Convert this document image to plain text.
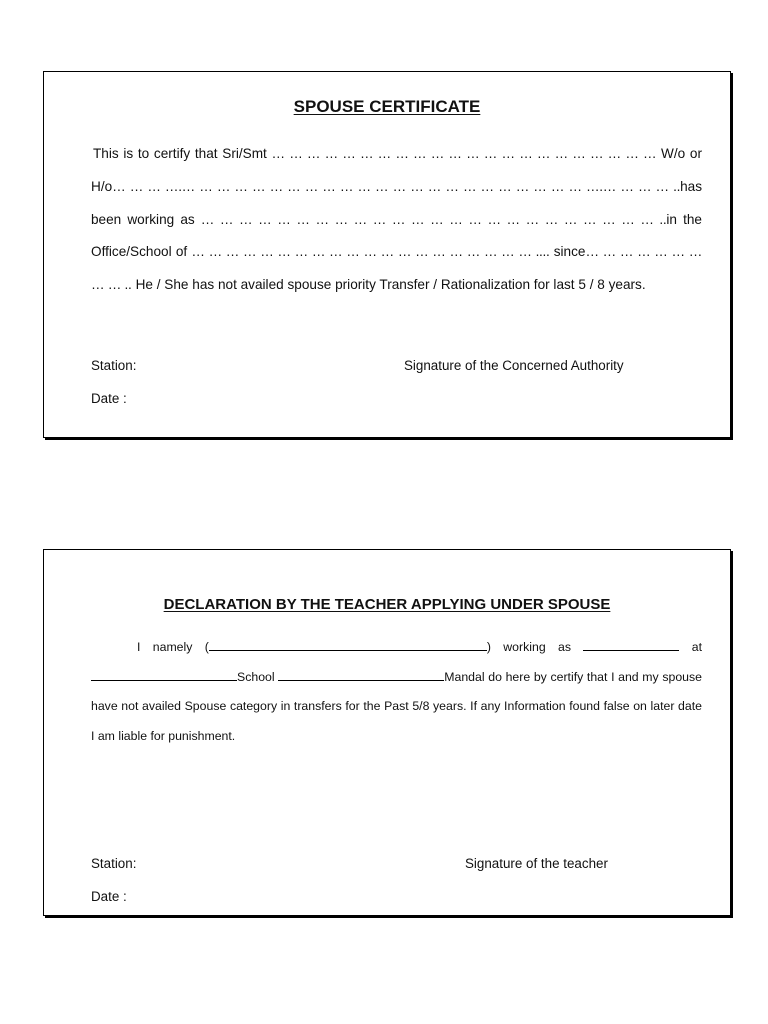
SPOUSE CERTIFICATE

This is to certify that Sri/Smt … … … … … … … … … … … … … … … … … … … … … … W/o or H/o… … … ….… … … … … … … … … … … … … … … … … … … … … … … ….… … … … ..has been working as … … … … … … … … … … … … … … … … … … … … … … … … ..in the Office/School of … … … … … … … … … … … … … … … … … … … … .... since… … … … … … … … … .. He / She has not availed spouse priority Transfer / Rationalization for last 5 / 8 years.

Station:	Signature of the Concerned Authority
Date :
DECLARATION BY THE TEACHER APPLYING UNDER SPOUSE

I namely (	) working as	at School	Mandal do here by certify that I and my spouse have not availed Spouse category in transfers for the Past 5/8 years. If any Information found false on later date I am liable for punishment.

Station:	Signature of the teacher
Date :
